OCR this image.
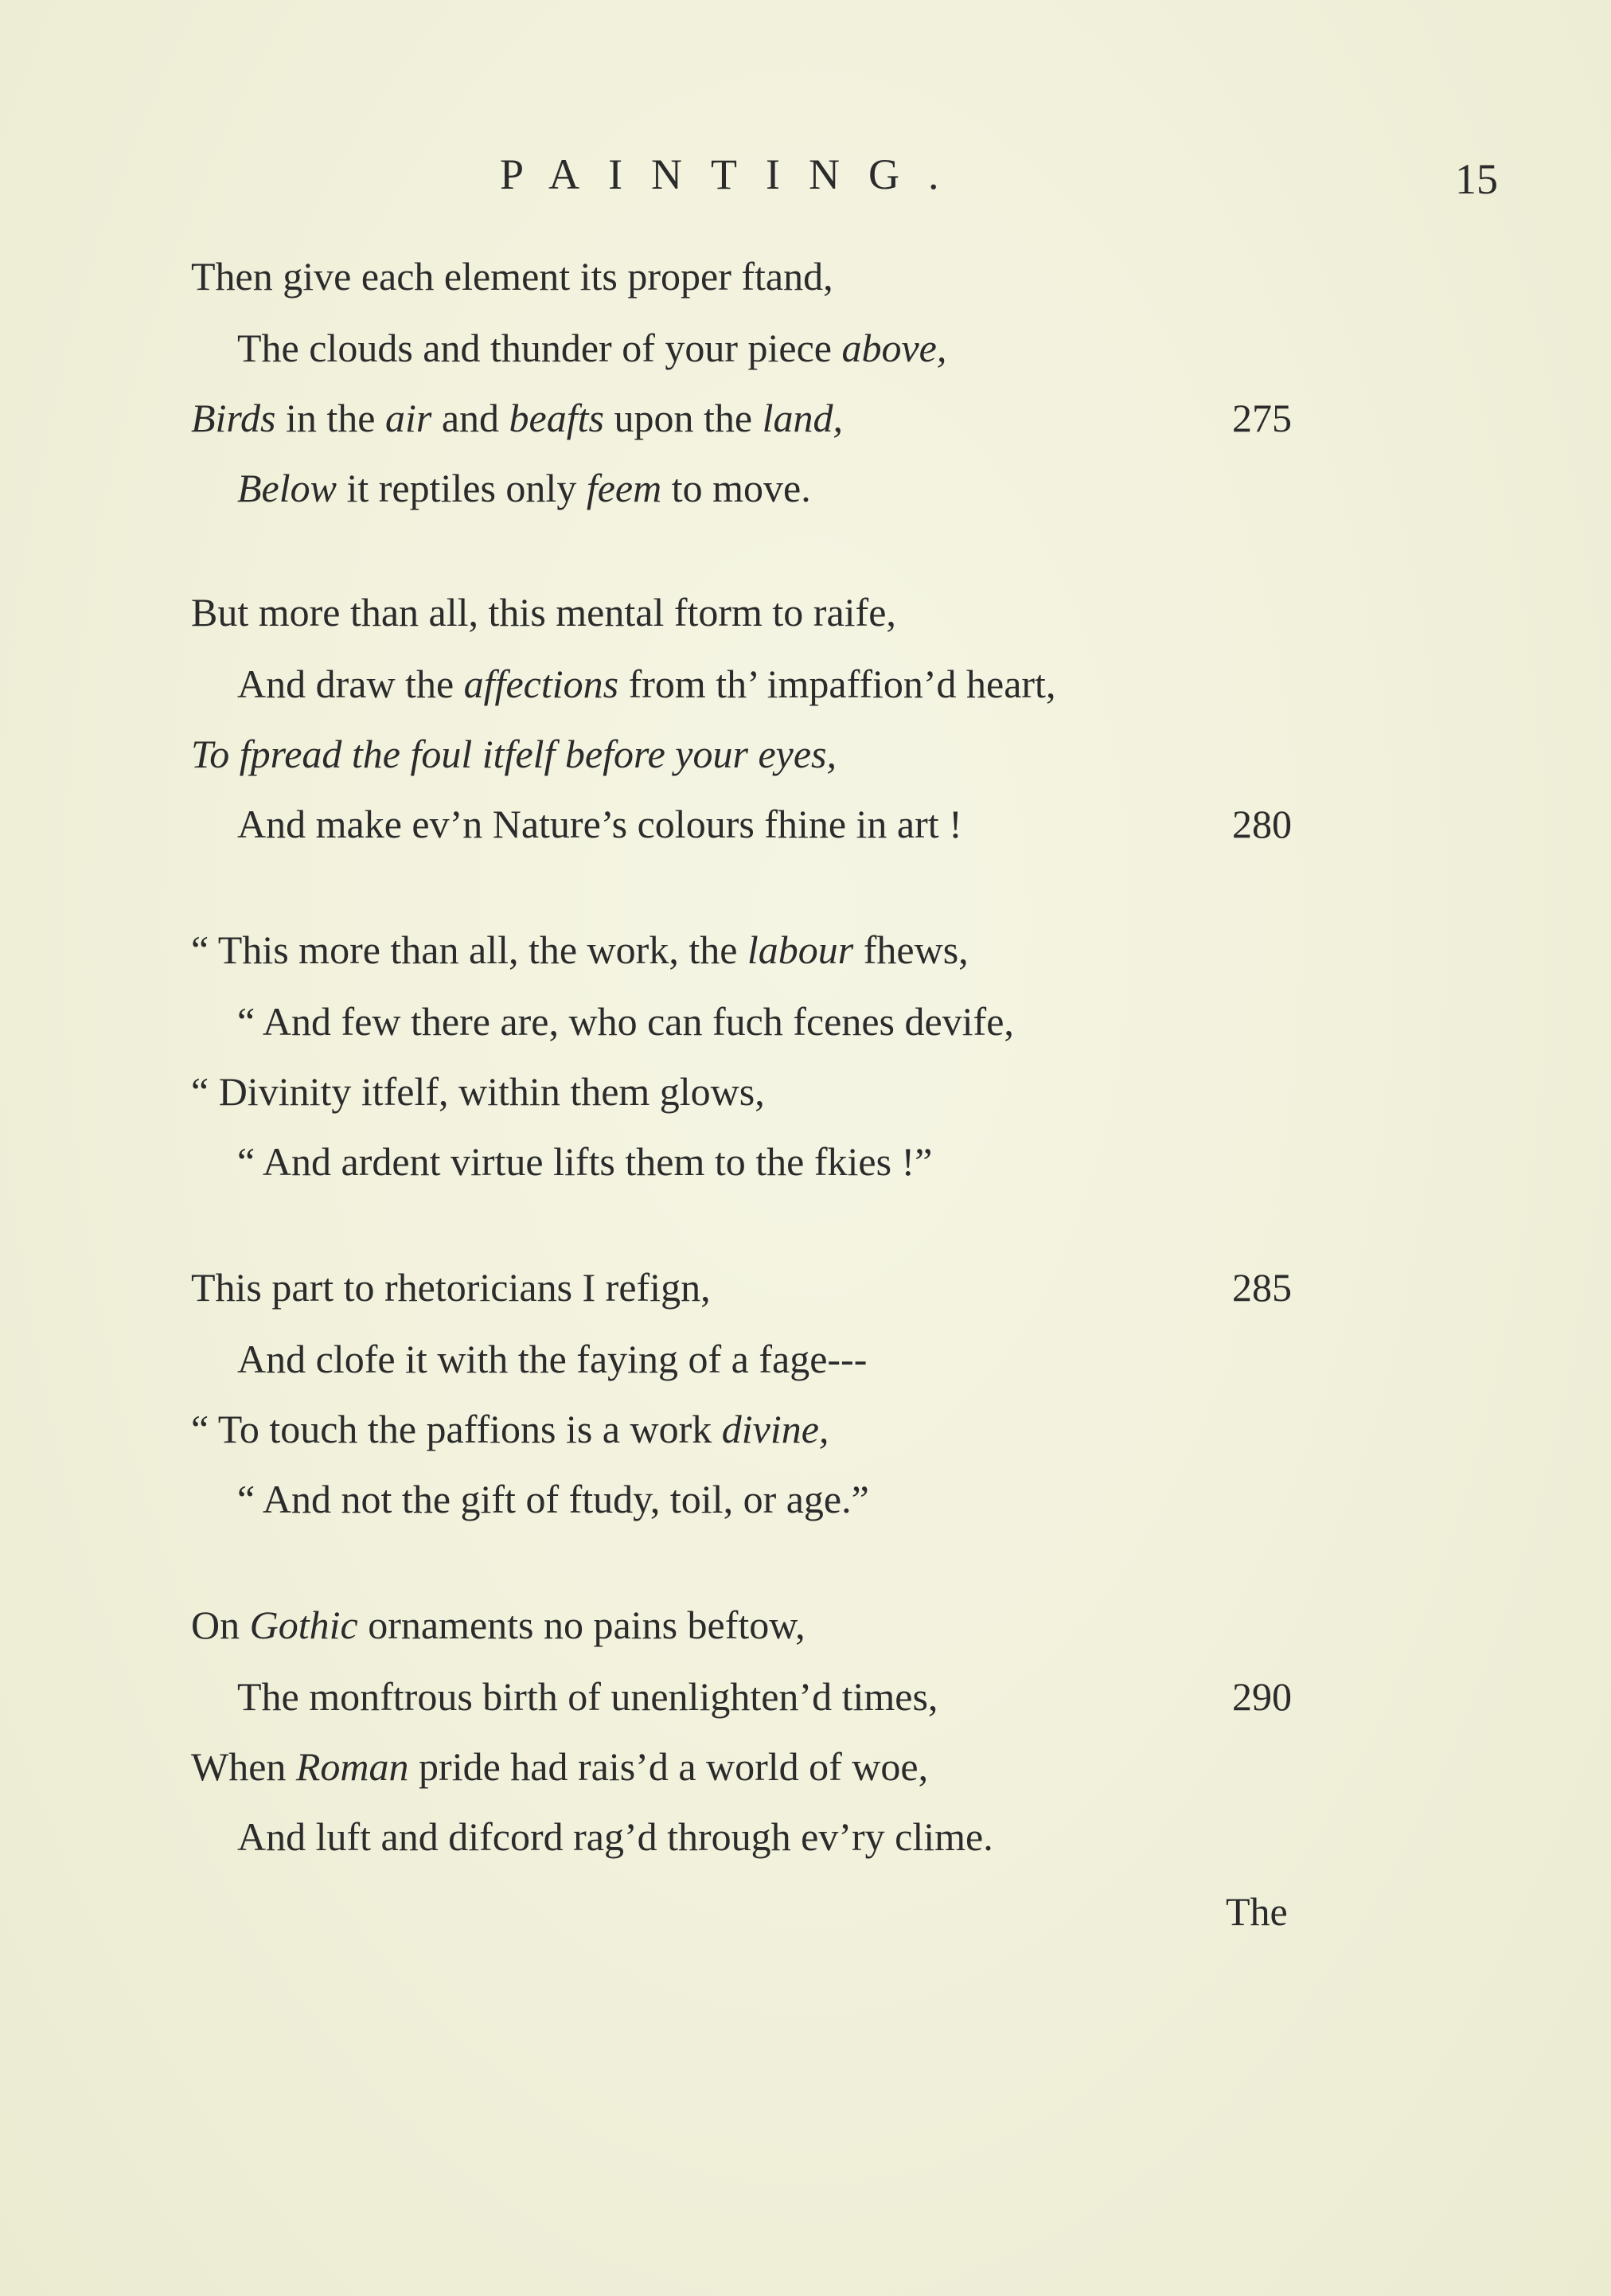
PAINTING.	15
Then give each element its proper ftand,
The clouds and thunder of your piece above,
Birds in the air and beafts upon the land,
Below it reptiles only feem to move.
275
But more than all, this mental ftorm to raife,
And draw the affections from th’ impaffion’d heart,
To fpread the foul itfelf before your eyes,
And make ev’n Nature’s colours fhine in art !	280
“ This more than all, the work, the labour fhews,
“ And few there are, who can fuch fcenes devife,
“ Divinity itfelf, within them glows,
“ And ardent virtue lifts them to the fkies !”
This part to rhetoricians I refign,
And clofe it with the faying of a fage---
“ To touch the paffions is a work divine,
“ And not the gift of ftudy, toil, or age.”
285
On Gothic ornaments no pains beftow,
The monftrous birth of unenlighten’d times,
When Roman pride had rais’d a world of woe,
And luft and difcord rag’d through ev’ry clime.
290
The
